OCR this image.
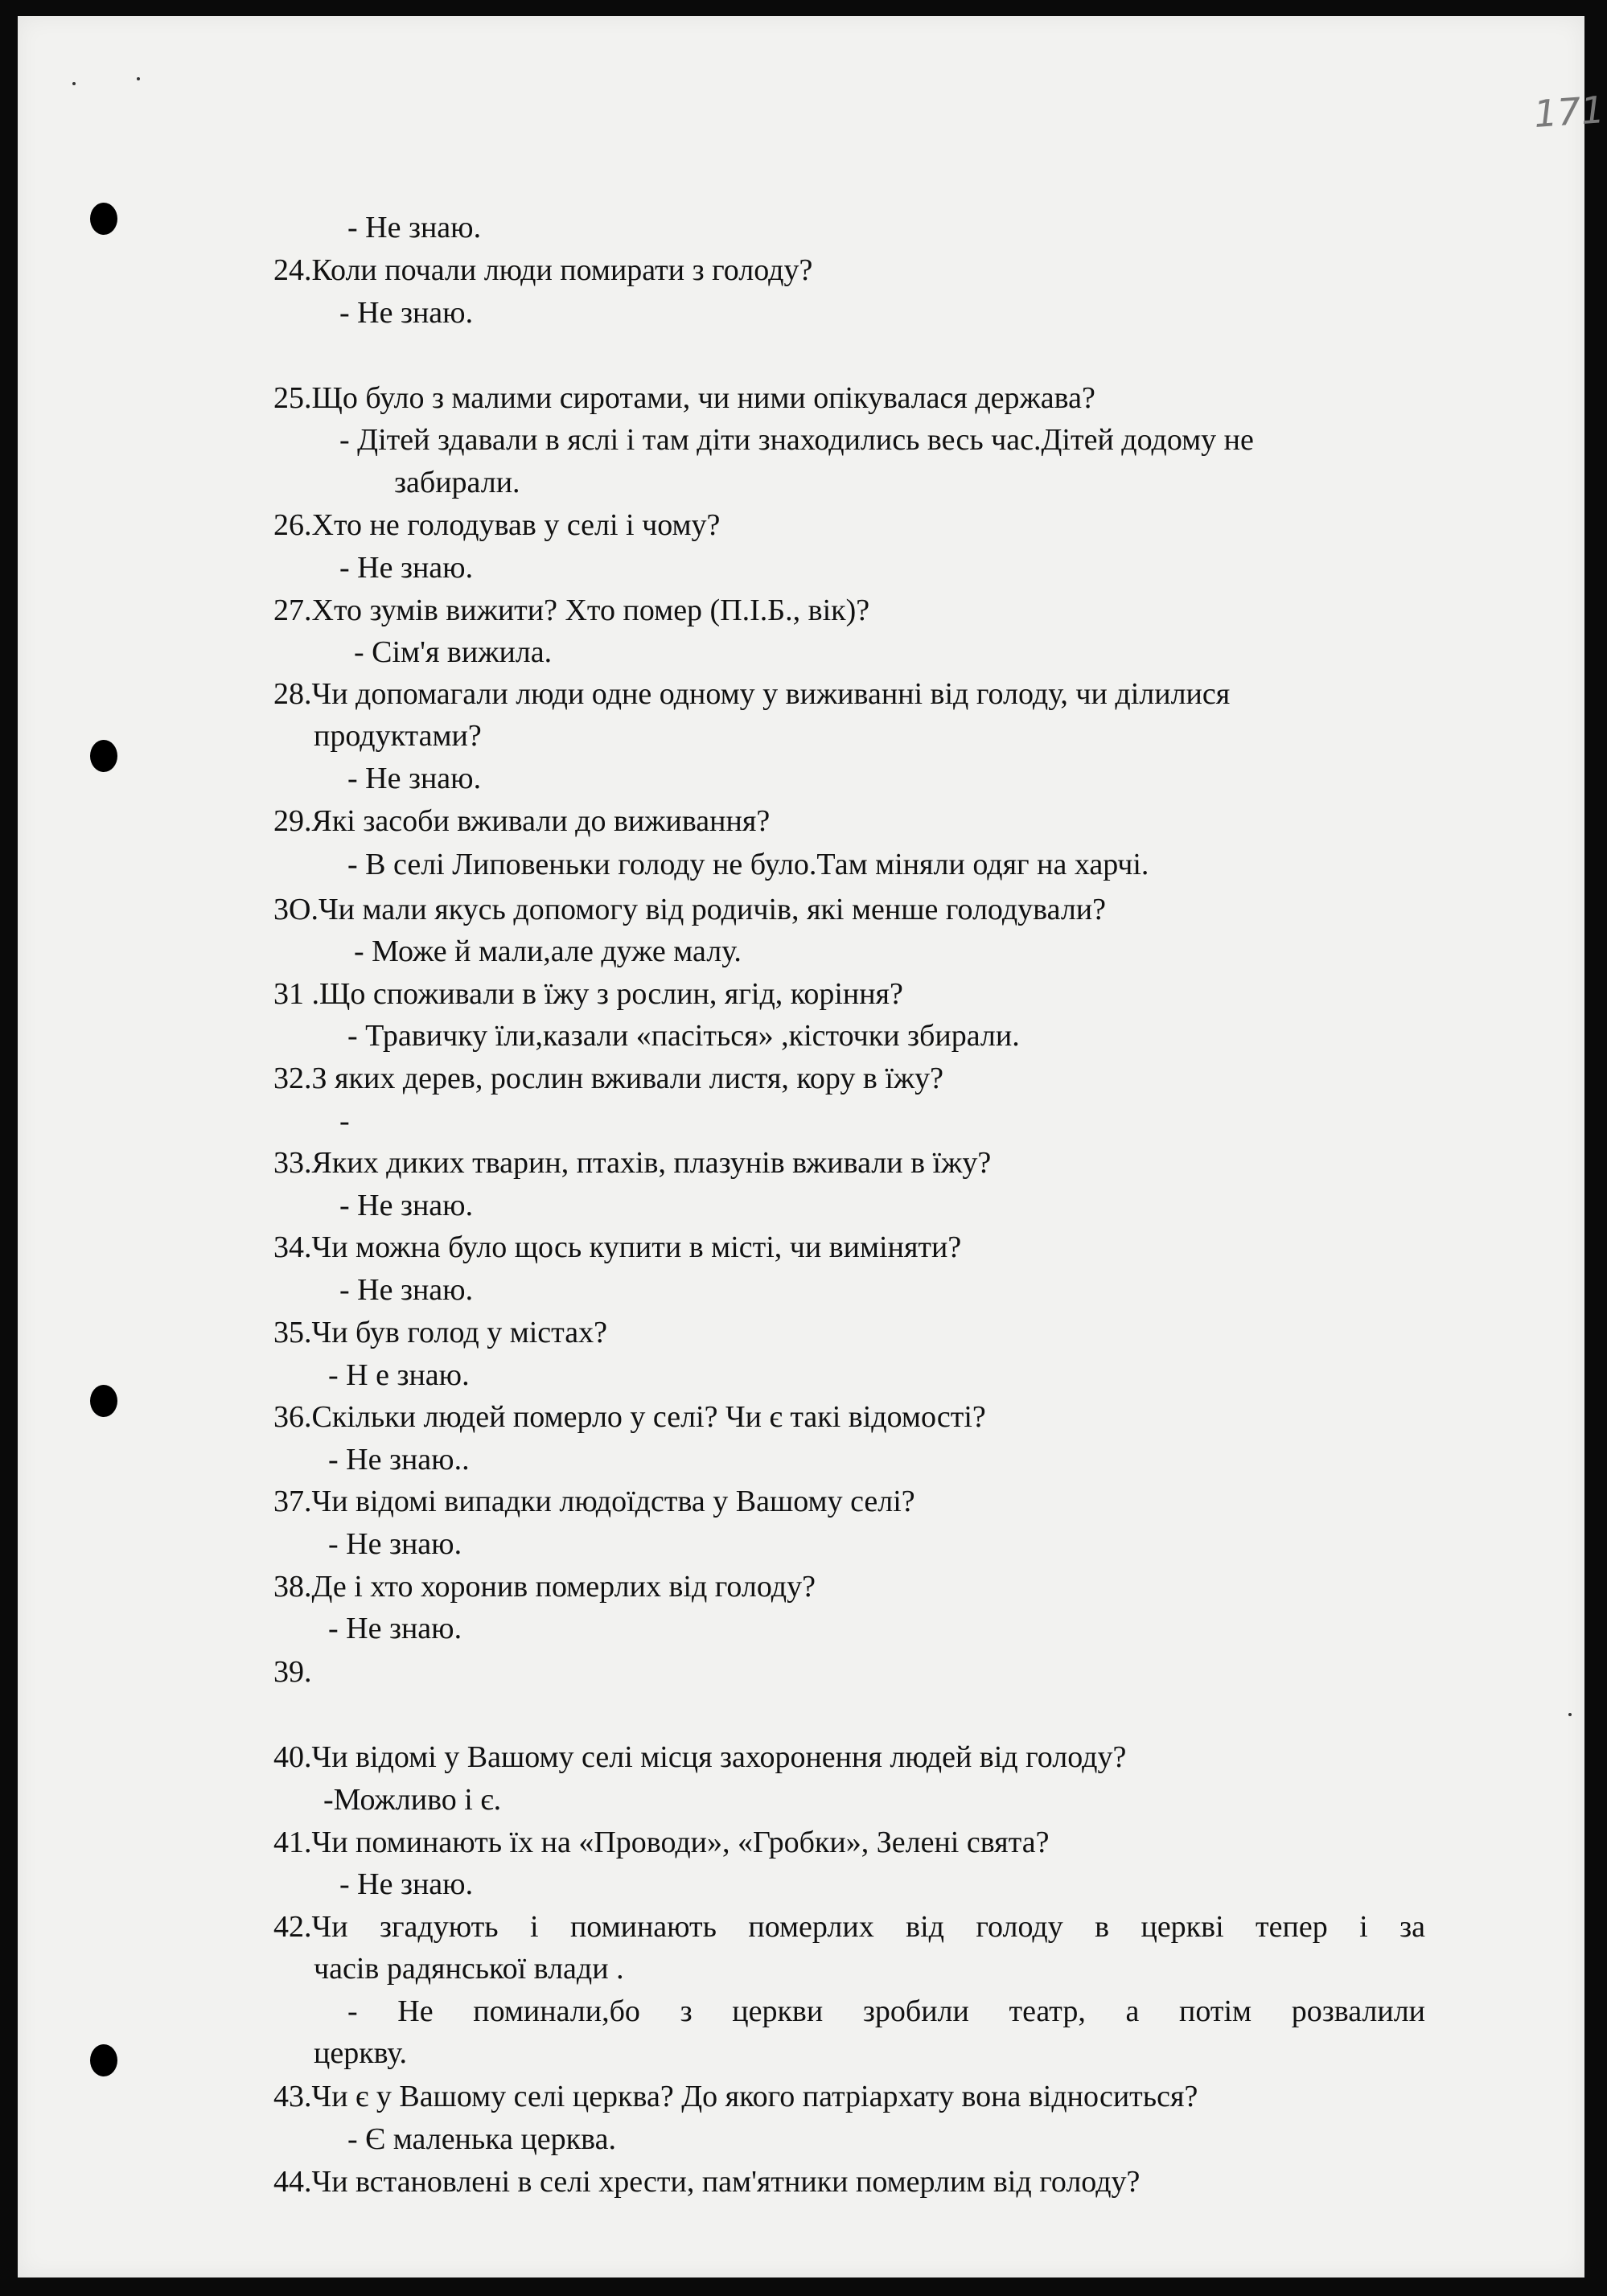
171
- Не знаю.
24.Коли почали люди помирати з голоду?
- Не знаю.
25.Що було з малими сиротами, чи ними опікувалася держава?
- Дітей здавали в яслі і там діти знаходились весь час.Дітей додому не
забирали.
26.Хто не голодував у селі і чому?
- Не знаю.
27.Хто зумів вижити? Хто помер (П.І.Б., вік)?
- Сім'я вижила.
28.Чи допомагали люди одне одному у виживанні від голоду, чи ділилися
продуктами?
- Не знаю.
29.Які засоби вживали до виживання?
- В селі Липовеньки голоду не було.Там міняли одяг на харчі.
3О.Чи мали якусь допомогу від родичів, які менше голодували?
- Може й мали,але дуже малу.
31 .Що споживали в їжу з рослин, ягід, коріння?
- Травичку їли,казали «пасіться» ,кісточки збирали.
32.З яких дерев, рослин вживали листя, кору в їжу?
-
33.Яких диких тварин, птахів, плазунів вживали в їжу?
- Не знаю.
34.Чи можна було щось купити в місті, чи виміняти?
- Не знаю.
35.Чи був голод у містах?
- Н е знаю.
36.Скільки людей померло у селі? Чи є такі відомості?
- Не знаю..
37.Чи відомі випадки людоїдства у Вашому селі?
- Не знаю.
38.Де і хто хоронив померлих від голоду?
- Не знаю.
39.
40.Чи відомі у Вашому селі місця захоронення людей від голоду?
-Можливо і є.
41.Чи поминають їх на «Проводи», «Гробки», Зелені свята?
- Не знаю.
42.Чи згадують і поминають померлих від голоду в церкві тепер і за
часів радянської влади .
- Не поминали,бо з церкви зробили театр, а потім розвалили
церкву.
43.Чи є у Вашому селі церква? До якого патріархату вона відноситься?
- Є маленька церква.
44.Чи встановлені в селі хрести, пам'ятники померлим від голоду?
